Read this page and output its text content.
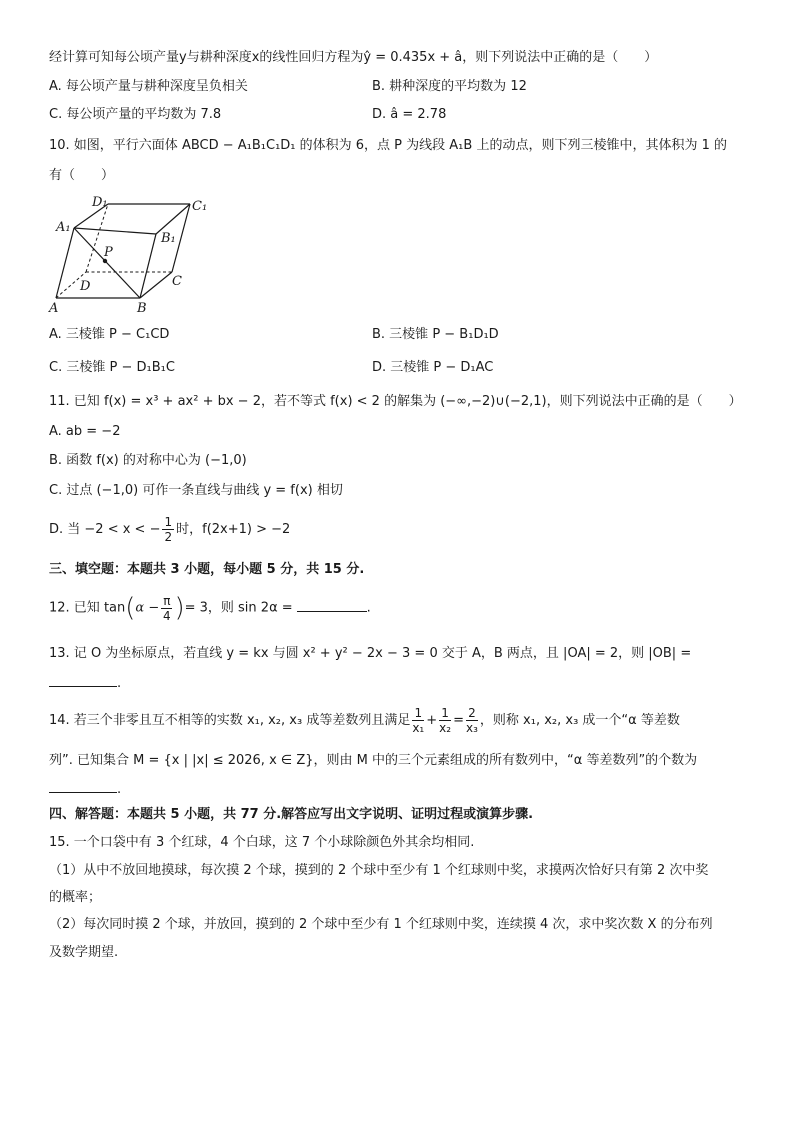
经计算可知每公顷产量y与耕种深度x的线性回归方程为ŷ = 0.435x + â，则下列说法中正确的是（　　）
A. 每公顷产量与耕种深度呈负相关	B. 耕种深度的平均数为 12
C. 每公顷产量的平均数为 7.8	D. â = 2.78
10. 如图，平行六面体 ABCD − A₁B₁C₁D₁ 的体积为 6，点 P 为线段 A₁B 上的动点，则下列三棱锥中，其体积为 1 的
有（　　）
D₁	C₁
A₁
B₁
P
D	C
A	B
A. 三棱锥 P − C₁CD	B. 三棱锥 P − B₁D₁D
C. 三棱锥 P − D₁B₁C	D. 三棱锥 P − D₁AC
11. 已知 f(x) = x³ + ax² + bx − 2，若不等式 f(x) < 2 的解集为 (−∞,−2)∪(−2,1)，则下列说法中正确的是（　　）
A. ab = −2
B. 函数 f(x) 的对称中心为 (−1,0)
C. 过点 (−1,0) 可作一条直线与曲线 y = f(x) 相切
D. 当 −2 < x < − $\frac{1}{2}$ 时，f(2x+1) > −2
三、填空题：本题共 3 小题，每小题 5 分，共 15 分.
12. 已知 $\tan(\alpha - \frac{\pi}{4}$ )= 3，则 sin 2α =	.
13. 记 O 为坐标原点，若直线 y = kx 与圆 x² + y² − 2x − 3 = 0 交于 A，B 两点，且 |OA| = 2，则 |OB| =
.
14. 若三个非零且互不相等的实数 x₁, x₂, x₃ 成等差数列且满足 $\frac{1}{\text{x₁}} + \frac{1}{\text{x₂}} = \frac{2}{\text{x₃}}$ ，则称 x₁, x₂, x₃ 成一个“α 等差数
列”. 已知集合 M = {x | |x| ≤ 2026, x ∈ Z}，则由 M 中的三个元素组成的所有数列中，“α 等差数列”的个数为
.
四、解答题：本题共 5 小题，共 77 分.解答应写出文字说明、证明过程或演算步骤.
15. 一个口袋中有 3 个红球，4 个白球，这 7 个小球除颜色外其余均相同.
（1）从中不放回地摸球，每次摸 2 个球，摸到的 2 个球中至少有 1 个红球则中奖，求摸两次恰好只有第 2 次中奖
的概率；
（2）每次同时摸 2 个球，并放回，摸到的 2 个球中至少有 1 个红球则中奖，连续摸 4 次，求中奖次数 X 的分布列
及数学期望.
